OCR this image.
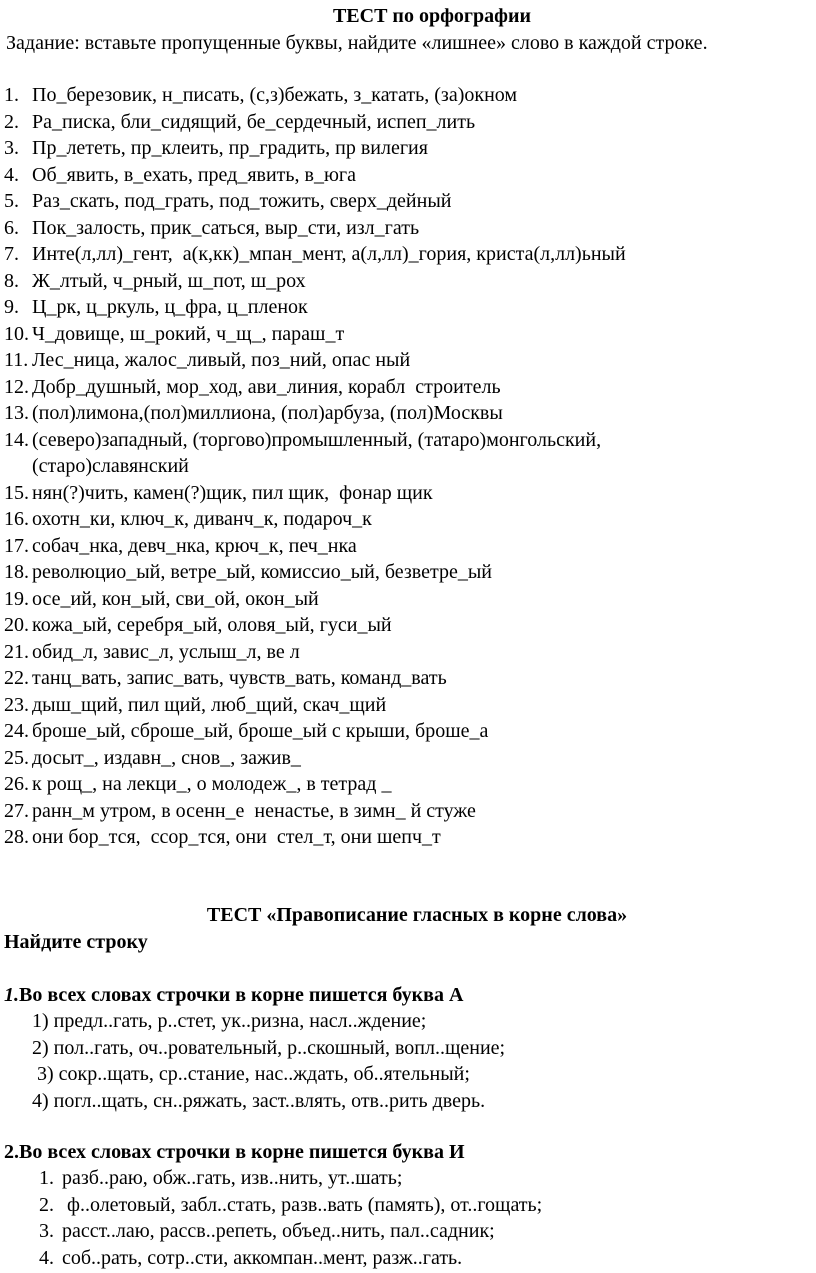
ТЕСТ по орфографии
Задание: вставьте пропущенные буквы, найдите «лишнее» слово в каждой строке.
1. По_березовик, н_писать, (с,з)бежать, з_катать, (за)окном
2. Ра_писка, бли_сидящий, бе_сердечный, испеп_лить
3. Пр_лететь, пр_клеить, пр_градить, пр вилегия
4. Об_явить, в_ехать, пред_явить, в_юга
5. Раз_скать, под_грать, под_тожить, сверх_дейный
6. Пок_залость, прик_саться, выр_сти, изл_гать
7. Инте(л,лл)_гент,  а(к,кк)_мпан_мент, а(л,лл)_гория, криста(л,лл)ьный
8. Ж_лтый, ч_рный, ш_пот, ш_рох
9. Ц_рк, ц_ркуль, ц_фра, ц_пленок
10. Ч_довище, ш_рокий, ч_щ_, параш_т
11. Лес_ница, жалос_ливый, поз_ний, опас ный
12. Добр_душный, мор_ход, ави_линия, корабл  строитель
13. (пол)лимона,(пол)миллиона, (пол)арбуза, (пол)Москвы
14. (северо)западный, (торгово)промышленный, (татаро)монгольский,
(старо)славянский
15. нян(?)чить, камен(?)щик, пил щик,  фонар щик
16. охотн_ки, ключ_к, диванч_к, подароч_к
17. собач_нка, девч_нка, крюч_к, печ_нка
18. революцио_ый, ветре_ый, комиссио_ый, безветре_ый
19. осе_ий, кон_ый, сви_ой, окон_ый
20. кожа_ый, серебря_ый, оловя_ый, гуси_ый
21. обид_л, завис_л, услыш_л, ве л
22. танц_вать, запис_вать, чувств_вать, команд_вать
23. дыш_щий, пил щий, люб_щий, скач_щий
24. броше_ый, сброше_ый, броше_ый с крыши, броше_а
25. досыт_, издавн_, снов_, зажив_
26. к рощ_, на лекци_, о молодеж_, в тетрад _
27. ранн_м утром, в осенн_е  ненастье, в зимн_ й стуже
28. они бор_тся,  ссор_тся, они  стел_т, они шепч_т
ТЕСТ «Правописание гласных в корне слова»
Найдите строку
1.Во всех словах строчки в корне пишется буква А
1) предл..гать, р..стет, ук..ризна, насл..ждение;
2) пол..гать, оч..ровательный, р..скошный, вопл..щение;
3) сокр..щать, ср..стание, нас..ждать, об..ятельный;
4) погл..щать, сн..ряжать, заст..влять, отв..рить дверь.
2.Во всех словах строчки в корне пишется буква И
1. разб..раю, обж..гать, изв..нить, ут..шать;
2. ф..олетовый, забл..стать, разв..вать (память), от..гощать;
3. расст..лаю, рассв..репеть, объед..нить, пал..садник;
4. соб..рать, сотр..сти, аккомпан..мент, разж..гать.
